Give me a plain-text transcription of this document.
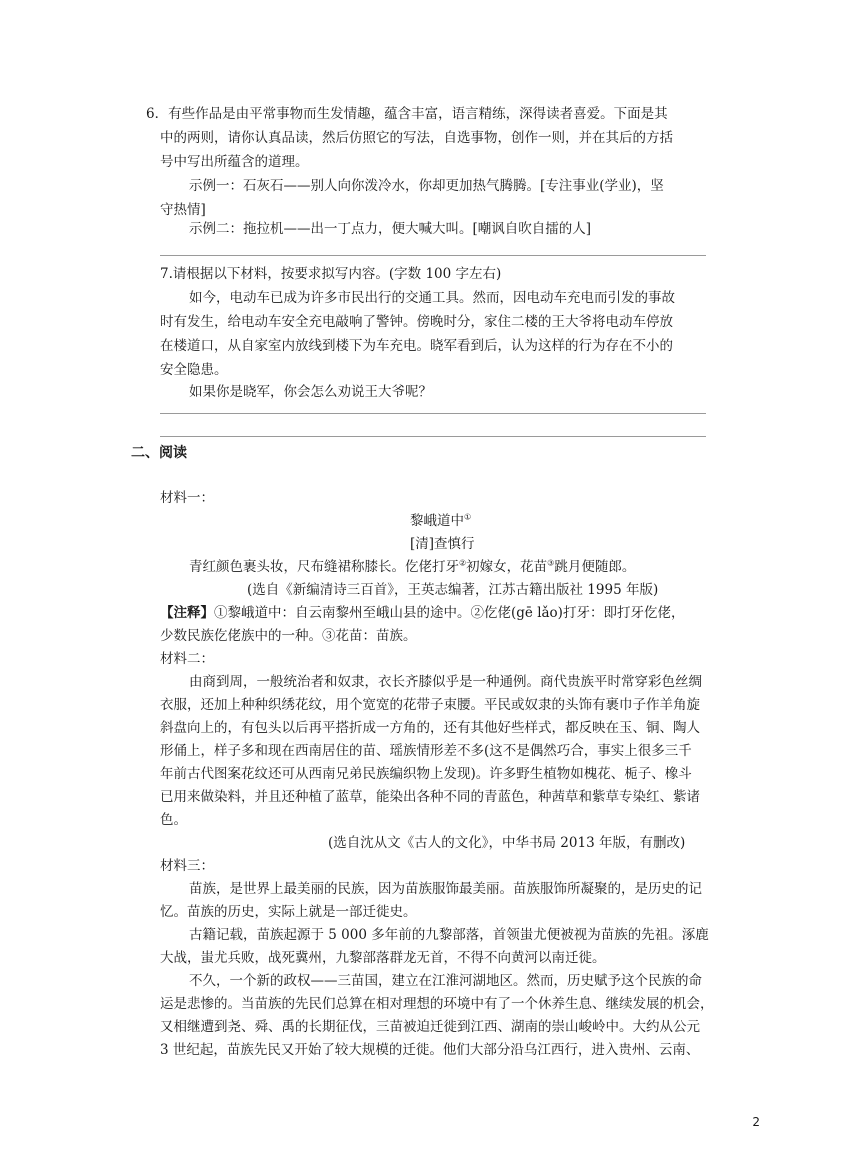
6．有些作品是由平常事物而生发情趣，蕴含丰富，语言精练，深得读者喜爱。下面是其
中的两则，请你认真品读，然后仿照它的写法，自选事物，创作一则，并在其后的方括
号中写出所蕴含的道理。
示例一：石灰石——别人向你泼冷水，你却更加热气腾腾。[专注事业(学业)，坚
守热情]
示例二：拖拉机——出一丁点力，便大喊大叫。[嘲讽自吹自擂的人]
7.请根据以下材料，按要求拟写内容。(字数 100 字左右)
如今，电动车已成为许多市民出行的交通工具。然而，因电动车充电而引发的事故
时有发生，给电动车安全充电敲响了警钟。傍晚时分，家住二楼的王大爷将电动车停放
在楼道口，从自家室内放线到楼下为车充电。晓军看到后，认为这样的行为存在不小的
安全隐患。
如果你是晓军，你会怎么劝说王大爷呢？
二、阅读
材料一：
黎峨道中①
[清]查慎行
青红颜色裹头妆，尺布缝裙称膝长。仡佬打牙②初嫁女，花苗③跳月便随郎。
(选自《新编清诗三百首》，王英志编著，江苏古籍出版社 1995 年版)
【注释】①黎峨道中：自云南黎州至峨山县的途中。②仡佬(gē lǎo)打牙：即打牙仡佬，
少数民族仡佬族中的一种。③花苗：苗族。
材料二：
由商到周，一般统治者和奴隶，衣长齐膝似乎是一种通例。商代贵族平时常穿彩色丝绸
衣服，还加上种种织绣花纹，用个宽宽的花带子束腰。平民或奴隶的头饰有裹巾子作羊角旋
斜盘向上的，有包头以后再平搭折成一方角的，还有其他好些样式，都反映在玉、铜、陶人
形俑上，样子多和现在西南居住的苗、瑶族情形差不多(这不是偶然巧合，事实上很多三千
年前古代图案花纹还可从西南兄弟民族编织物上发现)。许多野生植物如槐花、栀子、橡斗
已用来做染料，并且还种植了蓝草，能染出各种不同的青蓝色，种茜草和紫草专染红、紫诸
色。
(选自沈从文《古人的文化》，中华书局 2013 年版，有删改)
材料三：
苗族，是世界上最美丽的民族，因为苗族服饰最美丽。苗族服饰所凝聚的，是历史的记
忆。苗族的历史，实际上就是一部迁徙史。
古籍记载，苗族起源于 5 000 多年前的九黎部落，首领蚩尤便被视为苗族的先祖。涿鹿
大战，蚩尤兵败，战死冀州，九黎部落群龙无首，不得不向黄河以南迁徙。
不久，一个新的政权——三苗国，建立在江淮河湖地区。然而，历史赋予这个民族的命
运是悲惨的。当苗族的先民们总算在相对理想的环境中有了一个休养生息、继续发展的机会，
又相继遭到尧、舜、禹的长期征伐，三苗被迫迁徙到江西、湖南的崇山峻岭中。大约从公元
3 世纪起，苗族先民又开始了较大规模的迁徙。他们大部分沿乌江西行，进入贵州、云南、
2
